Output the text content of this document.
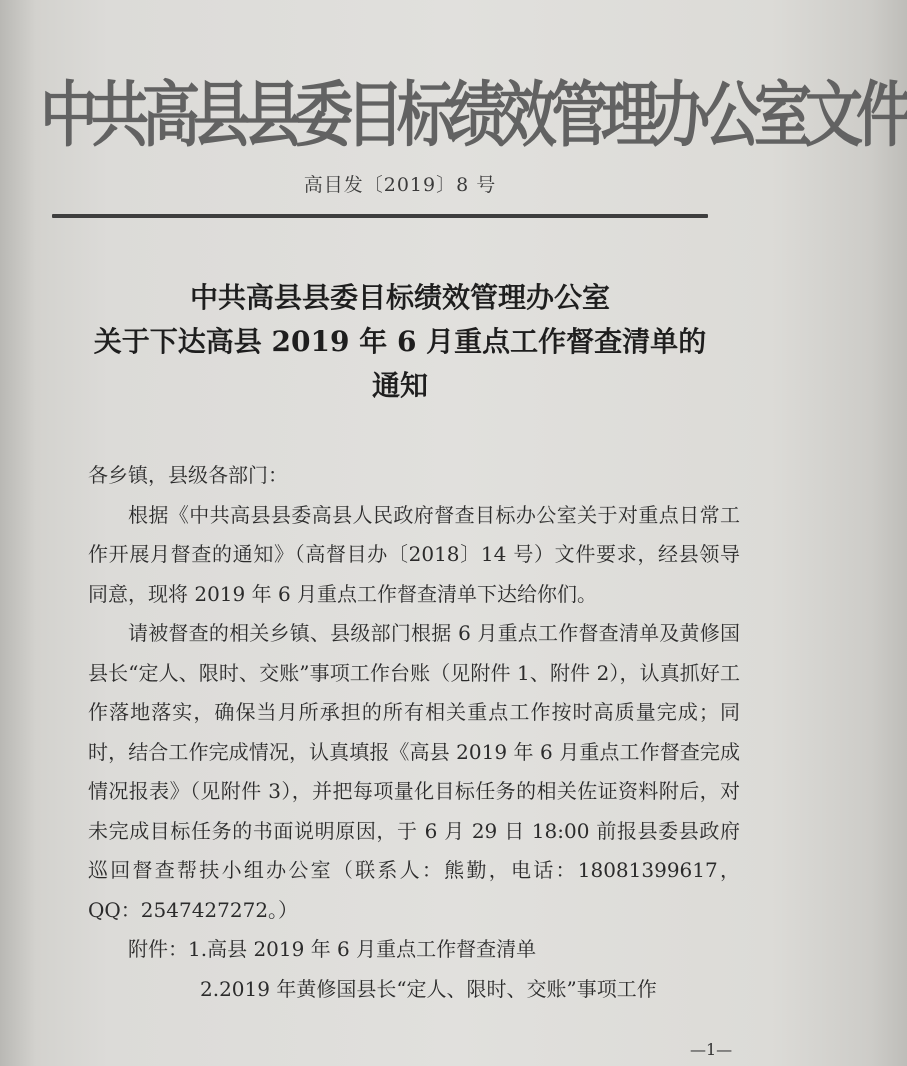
中共高县县委目标绩效管理办公室文件
高目发〔2019〕8 号
中共高县县委目标绩效管理办公室
关于下达高县 2019 年 6 月重点工作督查清单的
通知

各乡镇，县级各部门：

根据《中共高县县委高县人民政府督查目标办公室关于对重点日常工作开展月督查的通知》（高督目办〔2018〕14 号）文件要求，经县领导同意，现将 2019 年 6 月重点工作督查清单下达给你们。

请被督查的相关乡镇、县级部门根据 6 月重点工作督查清单及黄修国县长“定人、限时、交账”事项工作台账（见附件 1、附件 2），认真抓好工作落地落实，确保当月所承担的所有相关重点工作按时高质量完成；同时，结合工作完成情况，认真填报《高县 2019 年 6 月重点工作督查完成情况报表》（见附件 3），并把每项量化目标任务的相关佐证资料附后，对未完成目标任务的书面说明原因，于 6 月 29 日 18:00 前报县委县政府巡回督查帮扶小组办公室（联系人：熊勤，电话：18081399617，QQ：2547427272。）

附件：1.高县 2019 年 6 月重点工作督查清单

2.2019 年黄修国县长“定人、限时、交账”事项工作

—1—
